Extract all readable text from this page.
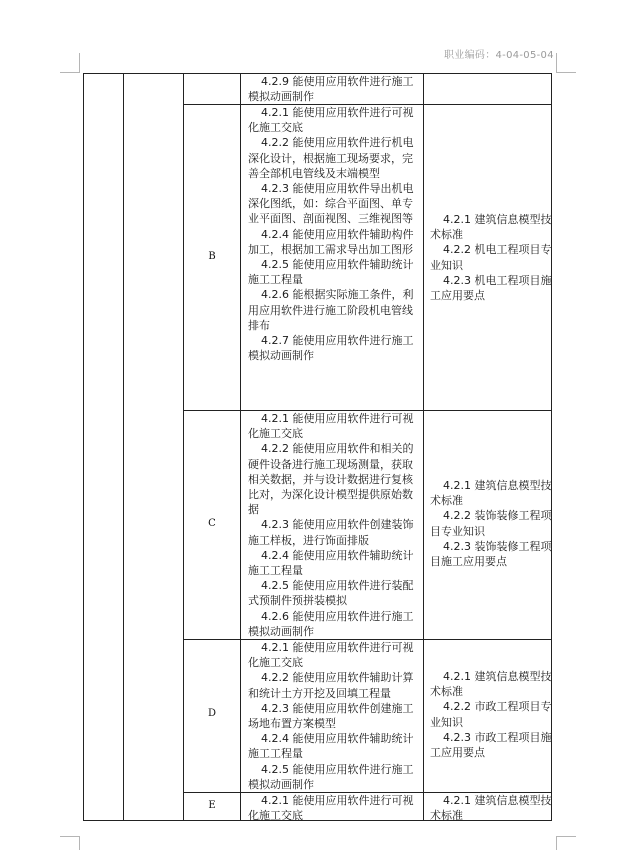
职业编码：4-04-05-04
4.2.9 能使用应用软件进行施工模拟动画制作
B
4.2.1 能使用应用软件进行可视化施工交底
4.2.2 能使用应用软件进行机电深化设计，根据施工现场要求，完善全部机电管线及末端模型
4.2.3 能使用应用软件导出机电深化图纸，如：综合平面图、单专业平面图、剖面视图、三维视图等
4.2.4 能使用应用软件辅助构件加工，根据加工需求导出加工图形
4.2.5 能使用应用软件辅助统计施工工程量
4.2.6 能根据实际施工条件，利用应用软件进行施工阶段机电管线排布
4.2.7 能使用应用软件进行施工模拟动画制作
4.2.1 建筑信息模型技术标准
4.2.2 机电工程项目专业知识
4.2.3 机电工程项目施工应用要点
C
4.2.1 能使用应用软件进行可视化施工交底
4.2.2 能使用应用软件和相关的硬件设备进行施工现场测量，获取相关数据，并与设计数据进行复核比对，为深化设计模型提供原始数据
4.2.3 能使用应用软件创建装饰施工样板，进行饰面排版
4.2.4 能使用应用软件辅助统计施工工程量
4.2.5 能使用应用软件进行装配式预制件预拼装模拟
4.2.6 能使用应用软件进行施工模拟动画制作
4.2.1 建筑信息模型技术标准
4.2.2 装饰装修工程项目专业知识
4.2.3 装饰装修工程项目施工应用要点
D
4.2.1 能使用应用软件进行可视化施工交底
4.2.2 能使用应用软件辅助计算和统计土方开挖及回填工程量
4.2.3 能使用应用软件创建施工场地布置方案模型
4.2.4 能使用应用软件辅助统计施工工程量
4.2.5 能使用应用软件进行施工模拟动画制作
4.2.1 建筑信息模型技术标准
4.2.2 市政工程项目专业知识
4.2.3 市政工程项目施工应用要点
E	4.2.1 能使用应用软件进行可视化施工交底
4.2.1 建筑信息模型技术标准
